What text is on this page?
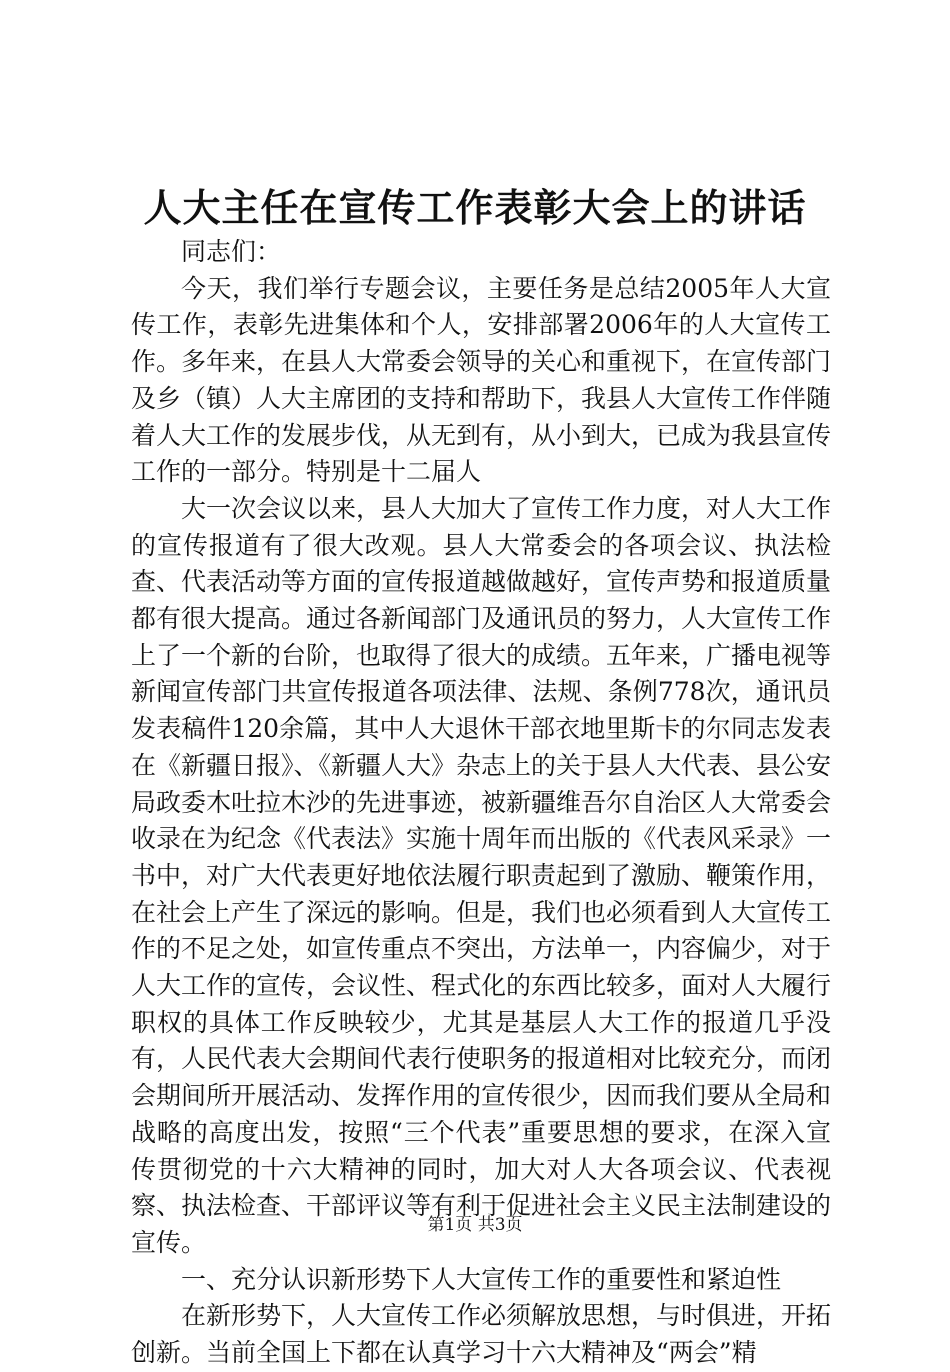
人大主任在宣传工作表彰大会上的讲话

同志们：

今天，我们举行专题会议，主要任务是总结2005年人大宣传工作，表彰先进集体和个人，安排部署2006年的人大宣传工作。多年来，在县人大常委会领导的关心和重视下，在宣传部门及乡（镇）人大主席团的支持和帮助下，我县人大宣传工作伴随着人大工作的发展步伐，从无到有，从小到大，已成为我县宣传工作的一部分。特别是十二届人

大一次会议以来，县人大加大了宣传工作力度，对人大工作的宣传报道有了很大改观。县人大常委会的各项会议、执法检查、代表活动等方面的宣传报道越做越好，宣传声势和报道质量都有很大提高。通过各新闻部门及通讯员的努力，人大宣传工作上了一个新的台阶，也取得了很大的成绩。五年来，广播电视等新闻宣传部门共宣传报道各项法律、法规、条例778次，通讯员发表稿件120余篇，其中人大退休干部衣地里斯卡的尔同志发表在《新疆日报》、《新疆人大》杂志上的关于县人大代表、县公安局政委木吐拉木沙的先进事迹，被新疆维吾尔自治区人大常委会收录在为纪念《代表法》实施十周年而出版的《代表风采录》一书中，对广大代表更好地依法履行职责起到了激励、鞭策作用，在社会上产生了深远的影响。但是，我们也必须看到人大宣传工作的不足之处，如宣传重点不突出，方法单一，内容偏少，对于人大工作的宣传，会议性、程式化的东西比较多，面对人大履行职权的具体工作反映较少，尤其是基层人大工作的报道几乎没有，人民代表大会期间代表行使职务的报道相对比较充分，而闭会期间所开展活动、发挥作用的宣传很少，因而我们要从全局和战略的高度出发，按照“三个代表”重要思想的要求，在深入宣传贯彻党的十六大精神的同时，加大对人大各项会议、代表视察、执法检查、干部评议等有利于促进社会主义民主法制建设的宣传。

一、充分认识新形势下人大宣传工作的重要性和紧迫性

在新形势下，人大宣传工作必须解放思想，与时俱进，开拓创新。当前全国上下都在认真学习十六大精神及“两会”精

第1页 共3页
